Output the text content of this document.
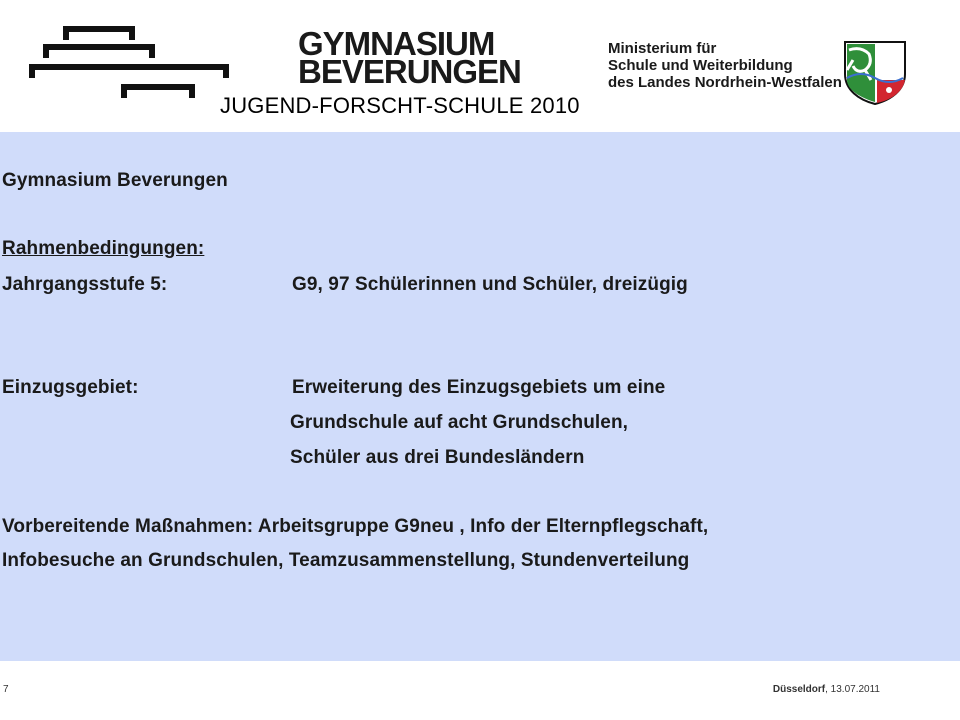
GYMNASIUM
BEVERUNGEN
JUGEND-FORSCHT-SCHULE 2010
Ministerium für
Schule und Weiterbildung
des Landes Nordrhein-Westfalen
Gymnasium Beverungen
Rahmenbedingungen:
Jahrgangsstufe 5:	G9, 97 Schülerinnen und Schüler, dreizügig
Einzugsgebiet:	Erweiterung des Einzugsgebiets um eine
Grundschule auf acht Grundschulen,
Schüler aus drei Bundesländern
Vorbereitende Maßnahmen: Arbeitsgruppe G9neu , Info der Elternpflegschaft,
Infobesuche an Grundschulen, Teamzusammenstellung, Stundenverteilung
7	Düsseldorf, 13.07.2011
